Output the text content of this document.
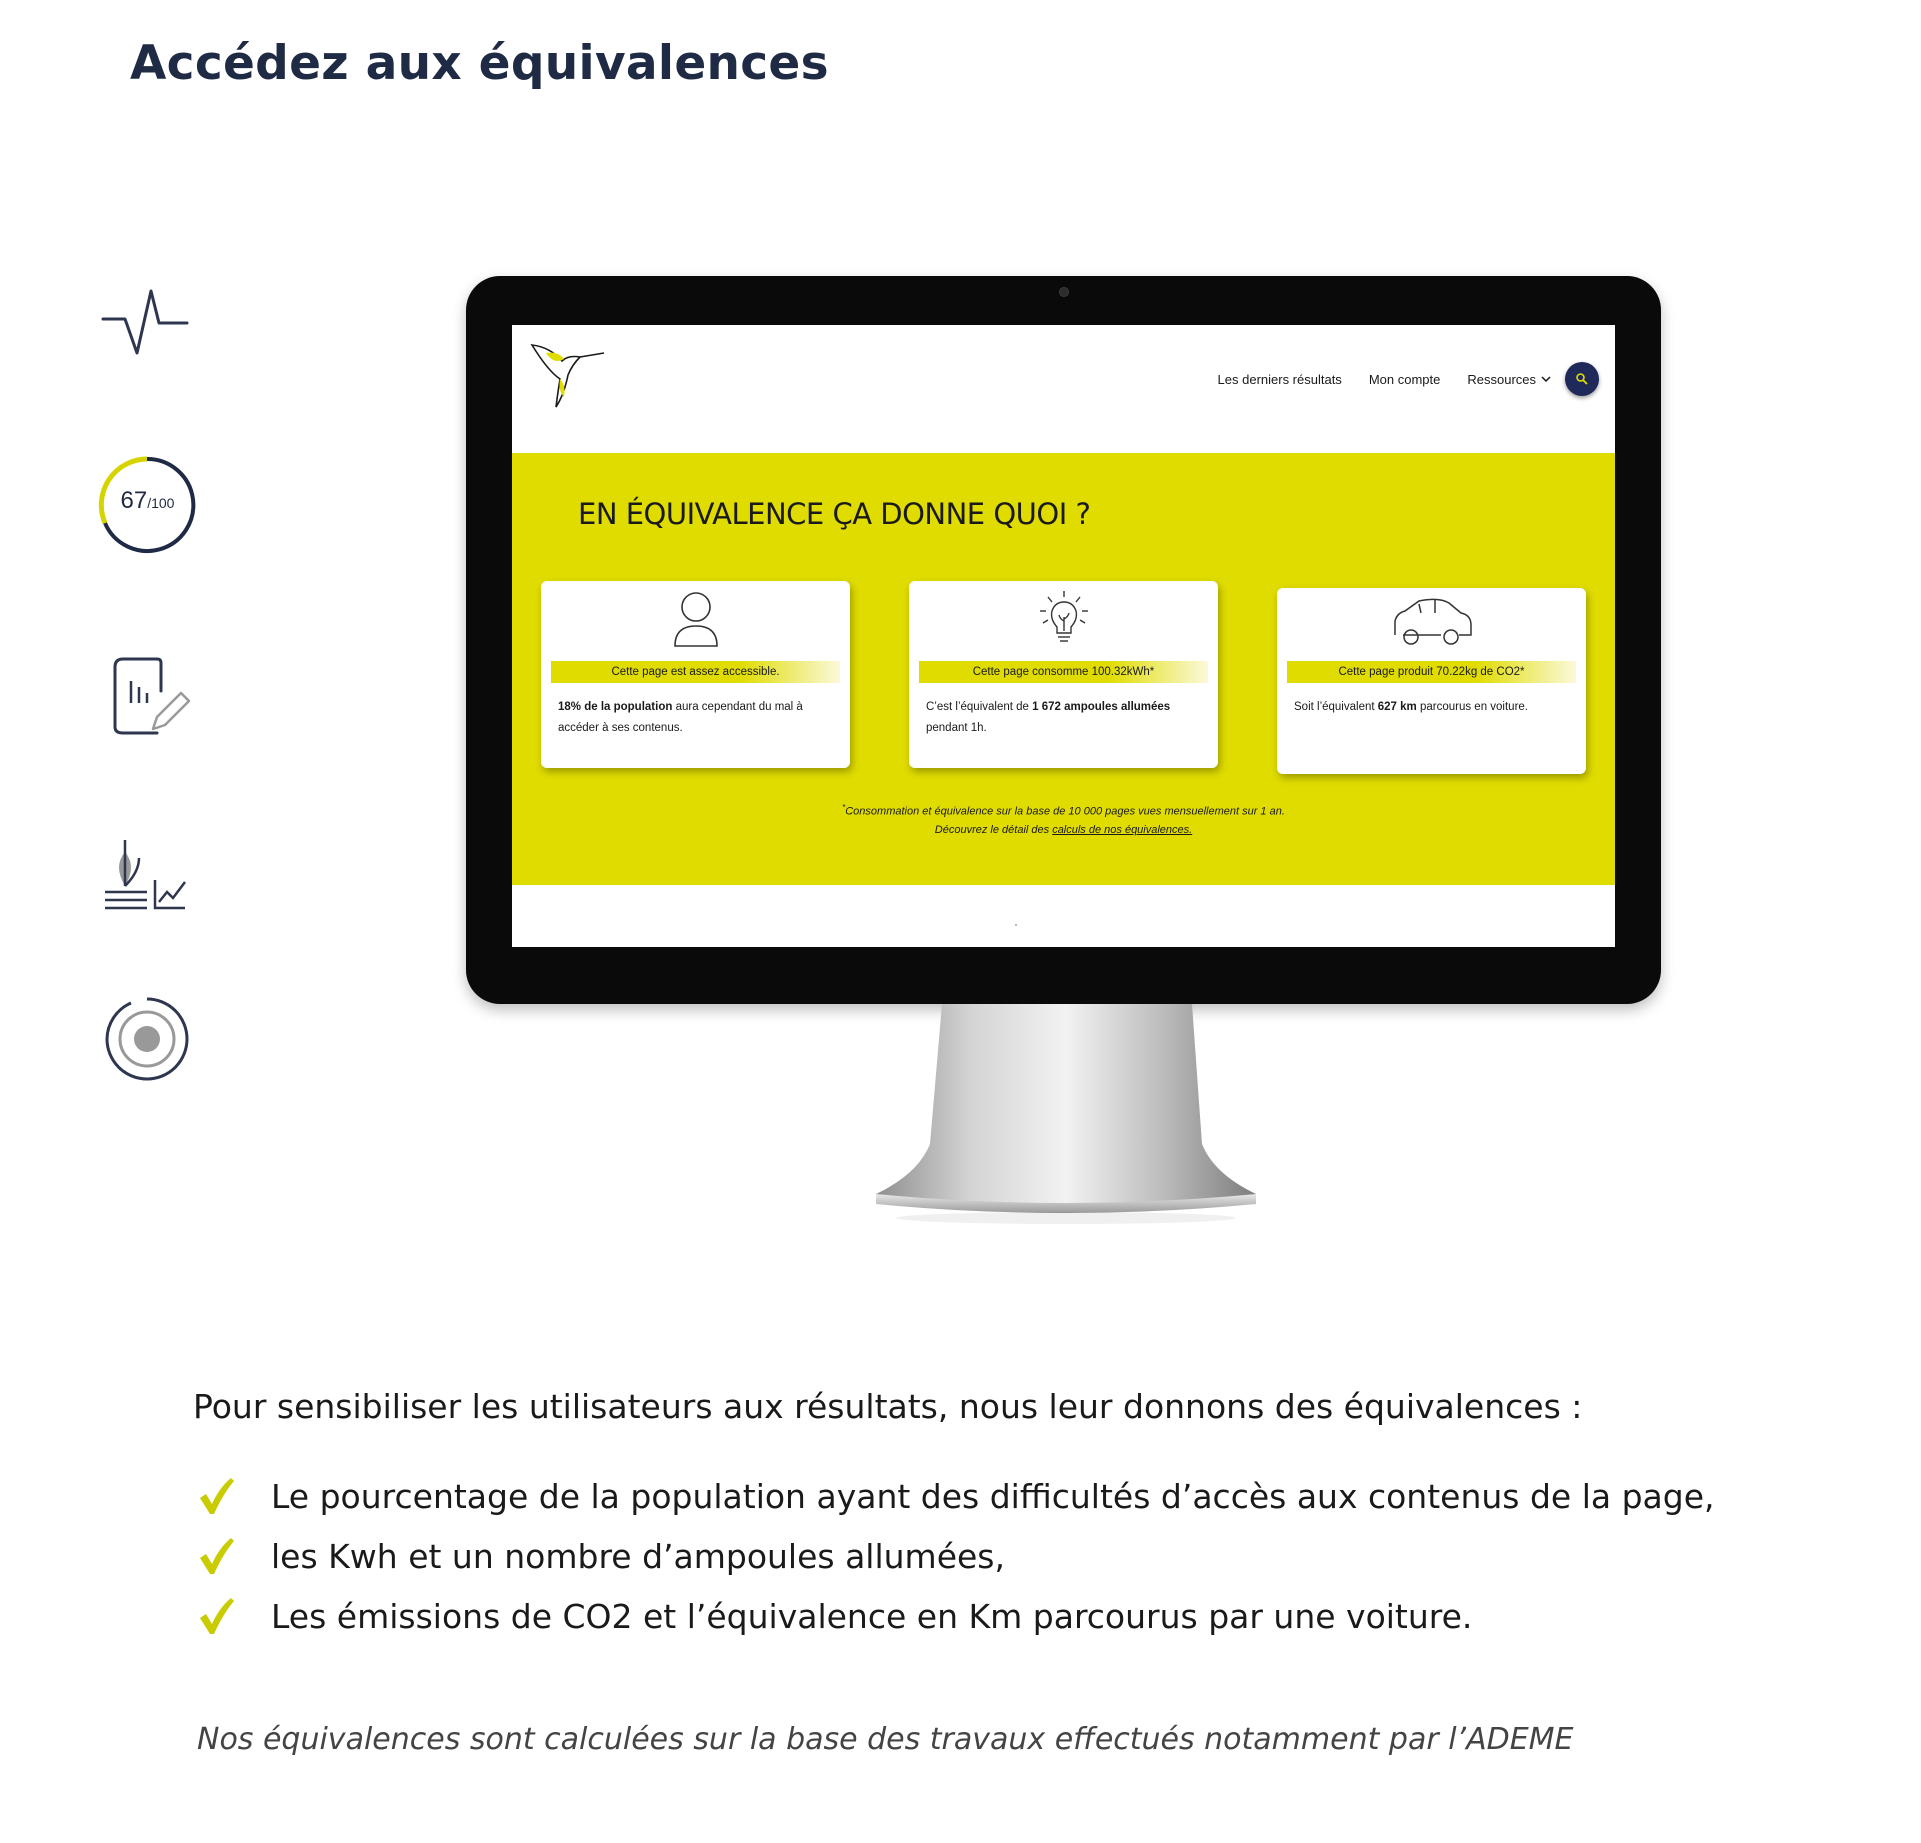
Accédez aux équivalences
67/100
Les derniers résultats Mon compte Ressources
EN ÉQUIVALENCE ÇA DONNE QUOI ?
Cette page est assez accessible.
18% de la population aura cependant du mal à accéder à ses contenus.
Cette page consomme 100.32kWh*
C’est l’équivalent de 1 672 ampoules allumées pendant 1h.
Cette page produit 70.22kg de CO2*
Soit l’équivalent 627 km parcourus en voiture.
*Consommation et équivalence sur la base de 10 000 pages vues mensuellement sur 1 an.
Découvrez le détail des calculs de nos équivalences.

Pour sensibiliser les utilisateurs aux résultats, nous leur donnons des équivalences :

Le pourcentage de la population ayant des difficultés d’accès aux contenus de la page,
les Kwh et un nombre d’ampoules allumées,
Les émissions de CO2 et l’équivalence en Km parcourus par une voiture.

Nos équivalences sont calculées sur la base des travaux effectués notamment par l’ADEME
